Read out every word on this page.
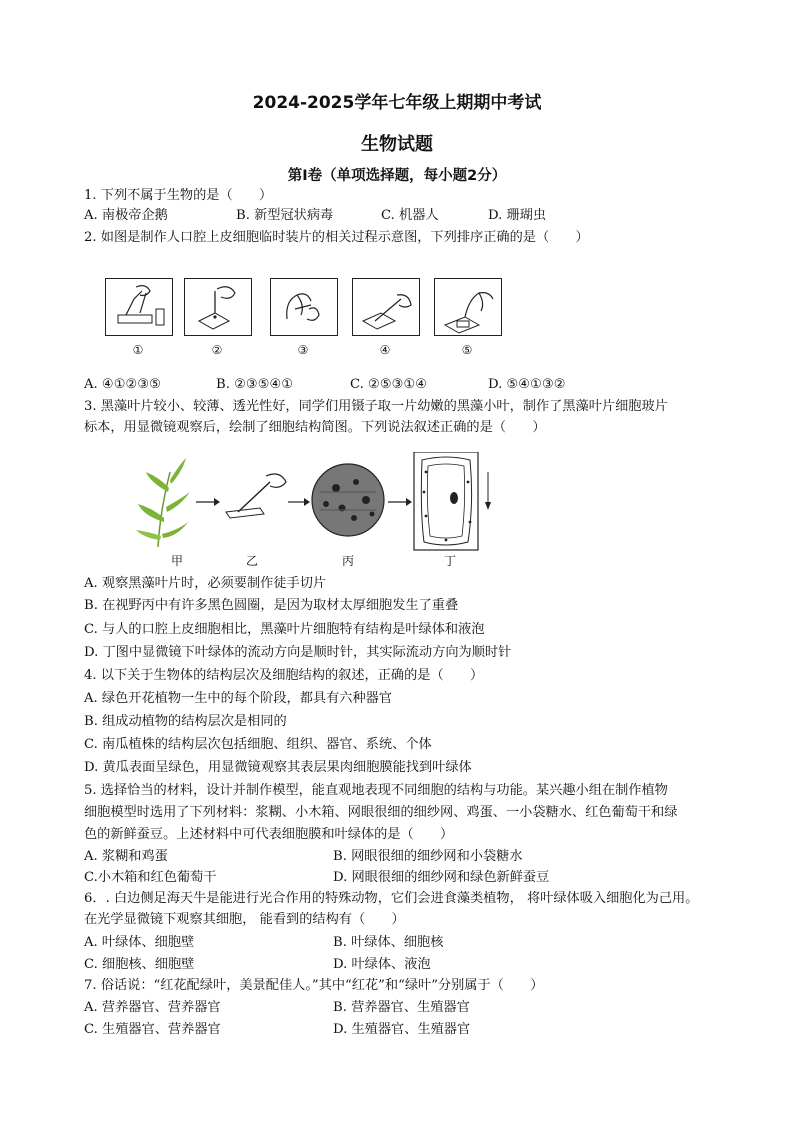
2024-2025学年七年级上期期中考试
生物试题
第Ⅰ卷（单项选择题，每小题2分）
1. 下列不属于生物的是（　　）
A. 南极帝企鹅	B. 新型冠状病毒	C. 机器人	D. 珊瑚虫
2. 如图是制作人口腔上皮细胞临时装片的相关过程示意图，下列排序正确的是（　　）
①	②	③	④	⑤
A. ④①②③⑤	B. ②③⑤④①	C. ②⑤③①④	D. ⑤④①③②
3. 黑藻叶片较小、较薄、透光性好，同学们用镊子取一片幼嫩的黑藻小叶，制作了黑藻叶片细胞玻片
标本，用显微镜观察后，绘制了细胞结构简图。下列说法叙述正确的是（　　）
甲	乙	丙	丁
A. 观察黑藻叶片时，必须要制作徒手切片
B. 在视野丙中有许多黑色圆圈，是因为取材太厚细胞发生了重叠
C. 与人的口腔上皮细胞相比，黑藻叶片细胞特有结构是叶绿体和液泡
D. 丁图中显微镜下叶绿体的流动方向是顺时针，其实际流动方向为顺时针
4. 以下关于生物体的结构层次及细胞结构的叙述，正确的是（　　）
A. 绿色开花植物一生中的每个阶段，都具有六种器官
B. 组成动植物的结构层次是相同的
C. 南瓜植株的结构层次包括细胞、组织、器官、系统、个体
D. 黄瓜表面呈绿色，用显微镜观察其表层果肉细胞膜能找到叶绿体
5. 选择恰当的材料，设计并制作模型，能直观地表现不同细胞的结构与功能。某兴趣小组在制作植物
细胞模型时选用了下列材料：浆糊、小木箱、网眼很细的细纱网、鸡蛋、一小袋糖水、红色葡萄干和绿
色的新鲜蚕豆。上述材料中可代表细胞膜和叶绿体的是（　　）
A. 浆糊和鸡蛋	B. 网眼很细的细纱网和小袋糖水
C.小木箱和红色葡萄干	D. 网眼很细的细纱网和绿色新鲜蚕豆
6．. 白边侧足海天牛是能进行光合作用的特殊动物，它们会进食藻类植物， 将叶绿体吸入细胞化为己用。
在光学显微镜下观察其细胞， 能看到的结构有（　　）
A. 叶绿体、细胞壁	B. 叶绿体、细胞核
C. 细胞核、细胞壁	D. 叶绿体、液泡
7. 俗话说：“红花配绿叶，美景配佳人。”其中“红花”和“绿叶”分别属于（　　）
A. 营养器官、营养器官	B. 营养器官、生殖器官
C. 生殖器官、营养器官	D. 生殖器官、生殖器官
